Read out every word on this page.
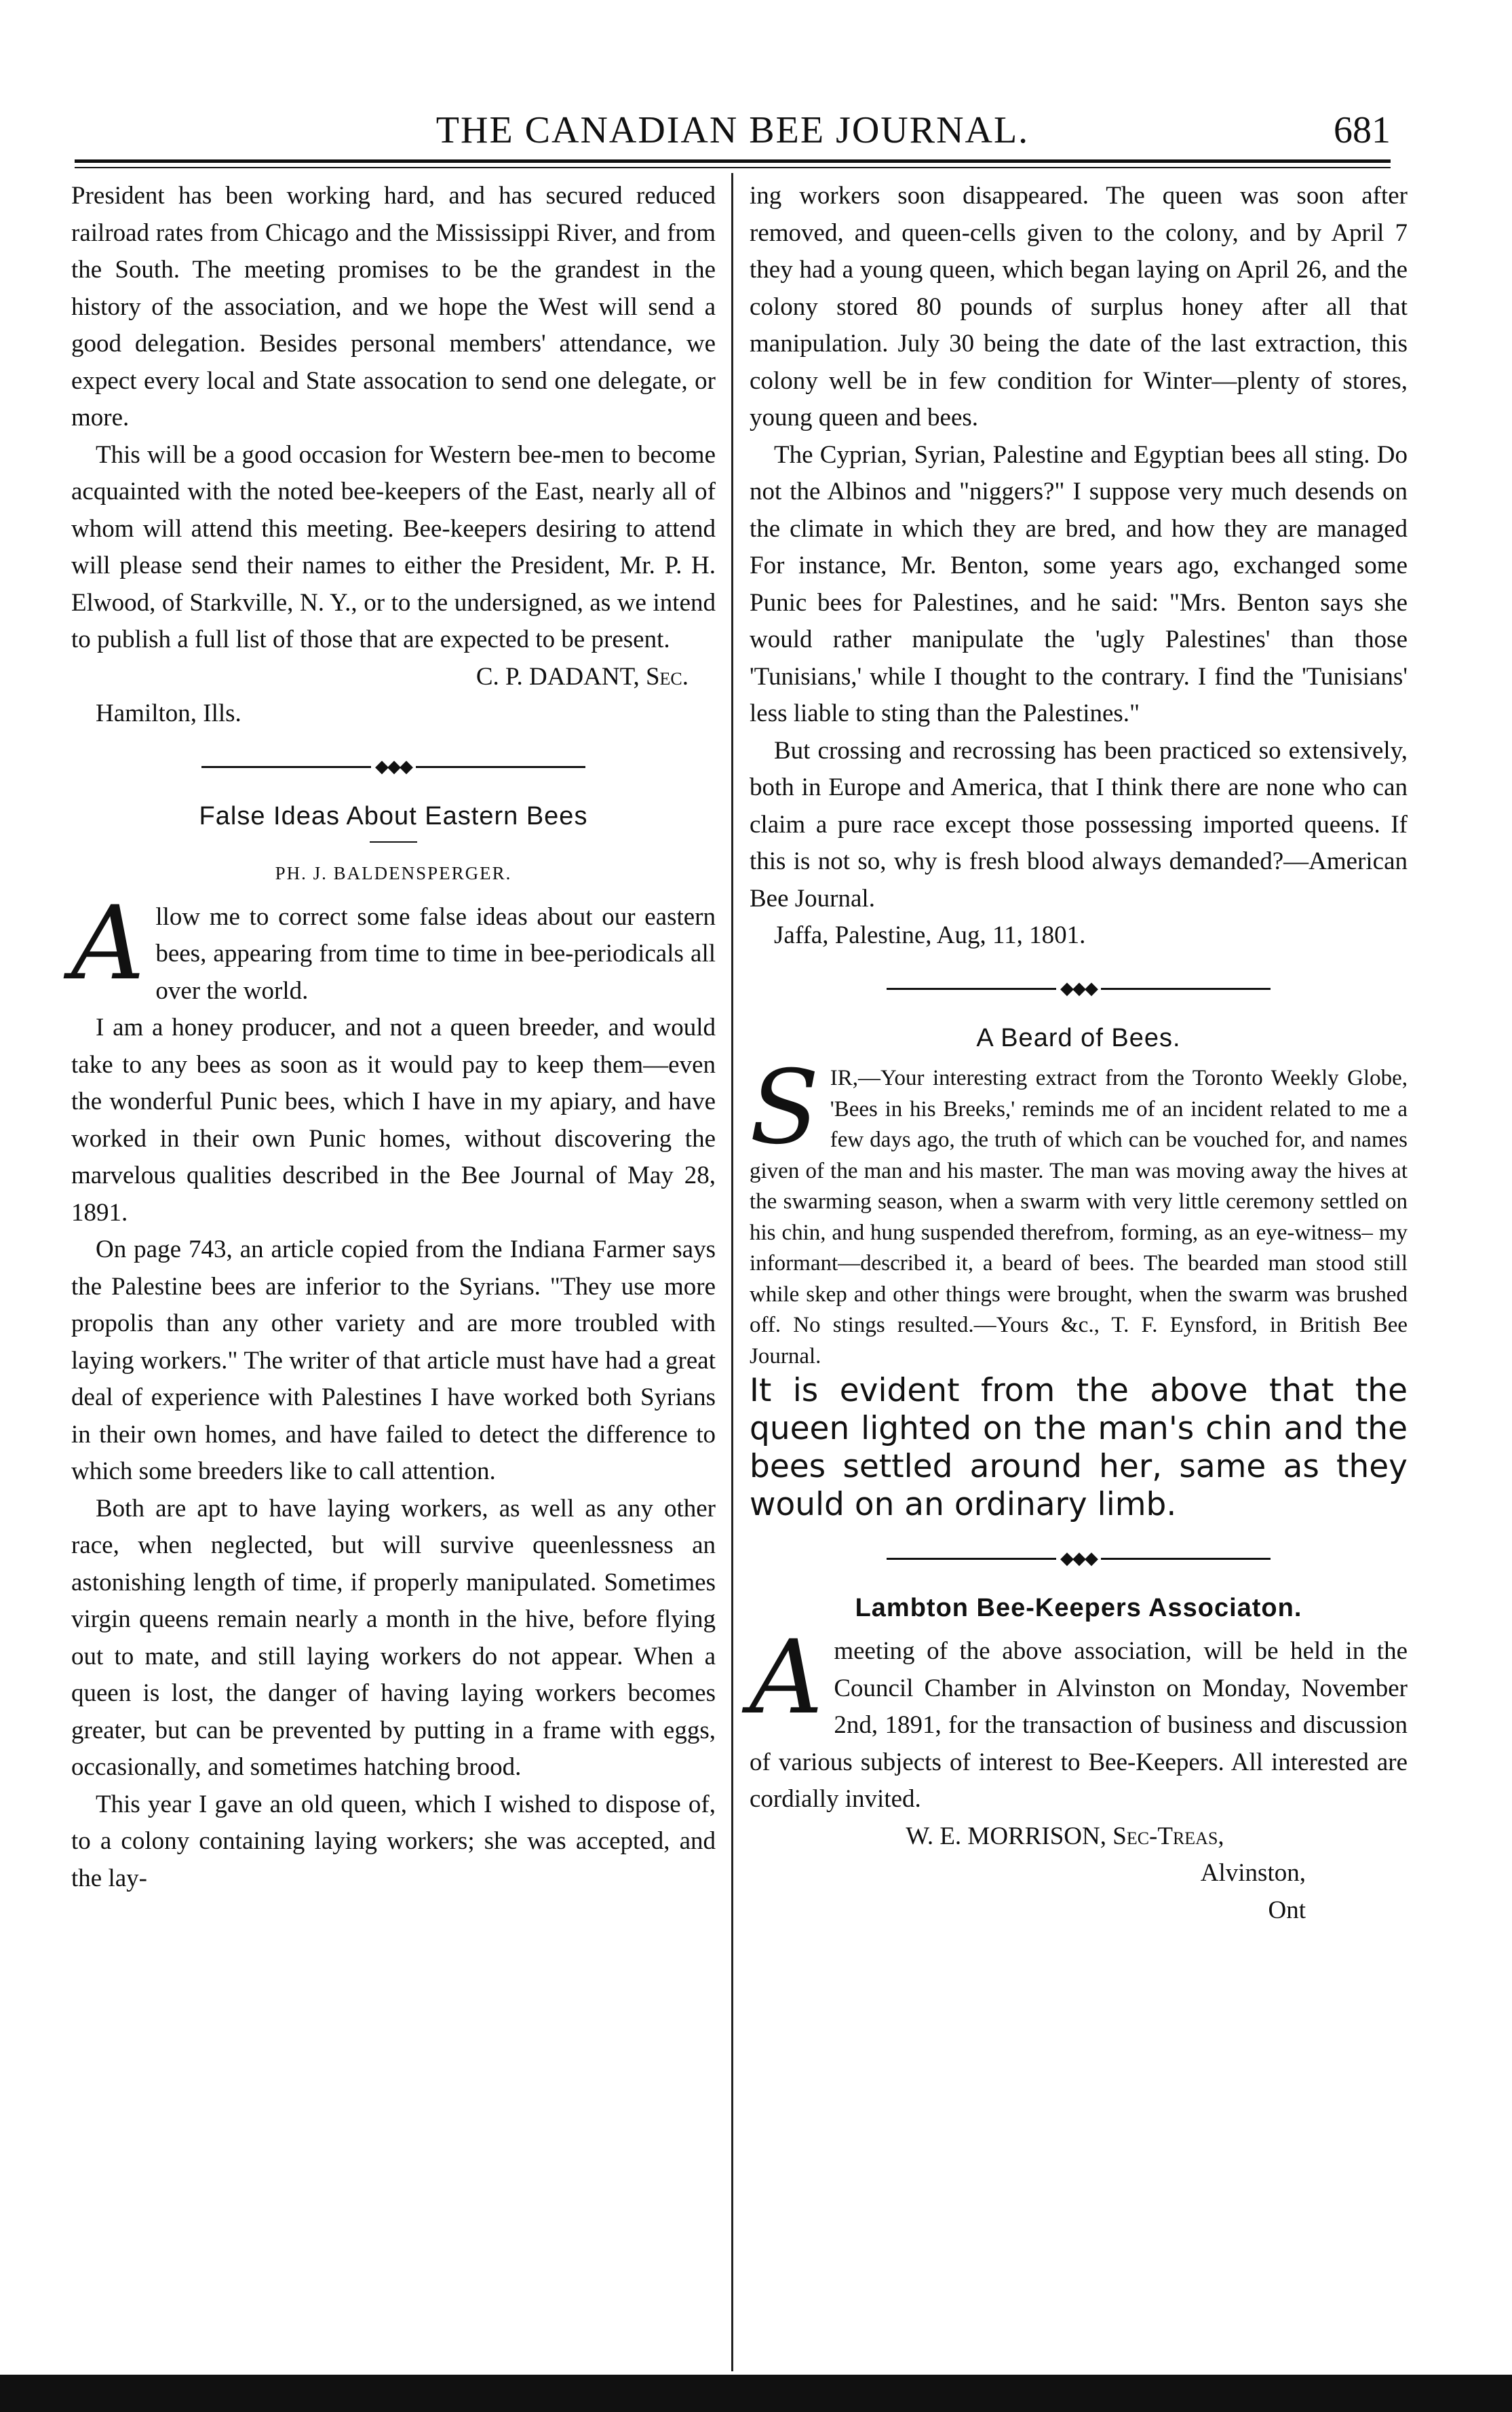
THE CANADIAN BEE JOURNAL.	681

President has been working hard, and has secured reduced railroad rates from Chicago and the Mississippi River, and from the South. The meeting promises to be the grandest in the history of the association, and we hope the West will send a good delegation. Besides personal members' attendance, we expect every local and State assocation to send one delegate, or more.

This will be a good occasion for Western bee-men to become acquainted with the noted bee-keepers of the East, nearly all of whom will attend this meeting. Bee-keepers desiring to attend will please send their names to either the President, Mr. P. H. Elwood, of Starkville, N. Y., or to the undersigned, as we intend to publish a full list of those that are expected to be present.

C. P. DADANT, Sec.
Hamilton, Ills.
◆◆◆
False Ideas About Eastern Bees
PH. J. BALDENSPERGER.

Allow me to correct some false ideas about our eastern bees, appearing from time to time in bee-periodicals all over the world.

I am a honey producer, and not a queen breeder, and would take to any bees as soon as it would pay to keep them—even the wonderful Punic bees, which I have in my apiary, and have worked in their own Punic homes, without discovering the marvelous qualities described in the Bee Journal of May 28, 1891.

On page 743, an article copied from the Indiana Farmer says the Palestine bees are inferior to the Syrians. "They use more propolis than any other variety and are more troubled with laying workers." The writer of that article must have had a great deal of experience with Palestines I have worked both Syrians in their own homes, and have failed to detect the difference to which some breeders like to call attention.

Both are apt to have laying workers, as well as any other race, when neglected, but will survive queenlessness an astonishing length of time, if properly manipulated. Sometimes virgin queens remain nearly a month in the hive, before flying out to mate, and still laying workers do not appear. When a queen is lost, the danger of having laying workers becomes greater, but can be prevented by putting in a frame with eggs, occasionally, and sometimes hatching brood.

This year I gave an old queen, which I wished to dispose of, to a colony containing laying workers; she was accepted, and the lay-

ing workers soon disappeared. The queen was soon after removed, and queen-cells given to the colony, and by April 7 they had a young queen, which began laying on April 26, and the colony stored 80 pounds of surplus honey after all that manipulation. July 30 being the date of the last extraction, this colony well be in few condition for Winter—plenty of stores, young queen and bees.

The Cyprian, Syrian, Palestine and Egyptian bees all sting. Do not the Albinos and "niggers?" I suppose very much desends on the climate in which they are bred, and how they are managed For instance, Mr. Benton, some years ago, exchanged some Punic bees for Palestines, and he said: "Mrs. Benton says she would rather manipulate the 'ugly Palestines' than those 'Tunisians,' while I thought to the contrary. I find the 'Tunisians' less liable to sting than the Palestines."

But crossing and recrossing has been practiced so extensively, both in Europe and America, that I think there are none who can claim a pure race except those possessing imported queens. If this is not so, why is fresh blood always demanded?—American Bee Journal.

Jaffa, Palestine, Aug, 11, 1801.
◆◆◆
A Beard of Bees.

SIR,—Your interesting extract from the Toronto Weekly Globe, 'Bees in his Breeks,' reminds me of an incident related to me a few days ago, the truth of which can be vouched for, and names given of the man and his master. The man was moving away the hives at the swarming season, when a swarm with very little ceremony settled on his chin, and hung suspended therefrom, forming, as an eye-witness– my informant—described it, a beard of bees. The bearded man stood still while skep and other things were brought, when the swarm was brushed off. No stings resulted.—Yours &c., T. F. Eynsford, in British Bee Journal.

It is evident from the above that the queen lighted on the man's chin and the bees settled around her, same as they would on an ordinary limb.

◆◆◆
Lambton Bee-Keepers Associaton.

Ameeting of the above association, will be held in the Council Chamber in Alvinston on Monday, November 2nd, 1891, for the transaction of business and discussion of various subjects of interest to Bee-Keepers. All interested are cordially invited.

W. E. MORRISON, Sec-Treas,
Alvinston,
Ont
